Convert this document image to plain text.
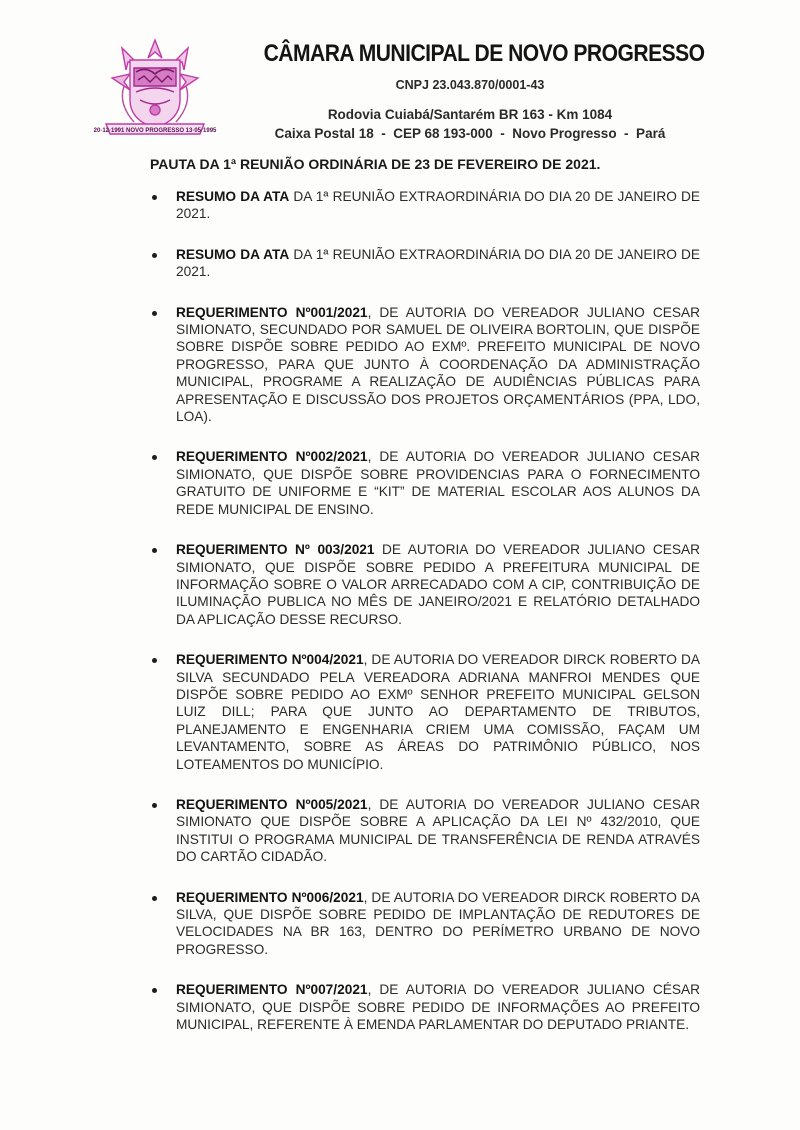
20·12·1991 NOVO PROGRESSO 13·05·1995
CÂMARA MUNICIPAL DE NOVO PROGRESSO
CNPJ 23.043.870/0001-43
Rodovia Cuiabá/Santarém BR 163 - Km 1084
Caixa Postal 18  -  CEP 68 193-000  -  Novo Progresso  -  Pará
PAUTA DA 1ª REUNIÃO ORDINÁRIA DE 23 DE FEVEREIRO DE 2021.
RESUMO DA ATA DA 1ª REUNIÃO EXTRAORDINÁRIA DO DIA 20 DE JANEIRO DE 2021.
RESUMO DA ATA DA 1ª REUNIÃO EXTRAORDINÁRIA DO DIA 20 DE JANEIRO DE 2021.
REQUERIMENTO Nº001/2021, DE AUTORIA DO VEREADOR JULIANO CESAR SIMIONATO, SECUNDADO POR SAMUEL DE OLIVEIRA BORTOLIN, QUE DISPÕE SOBRE DISPÕE SOBRE PEDIDO AO EXMº. PREFEITO MUNICIPAL DE NOVO PROGRESSO, PARA QUE JUNTO À COORDENAÇÃO DA ADMINISTRAÇÃO MUNICIPAL, PROGRAME A REALIZAÇÃO DE AUDIÊNCIAS PÚBLICAS PARA APRESENTAÇÃO E DISCUSSÃO DOS PROJETOS ORÇAMENTÁRIOS (PPA, LDO, LOA).
REQUERIMENTO Nº002/2021, DE AUTORIA DO VEREADOR JULIANO CESAR SIMIONATO, QUE DISPÕE SOBRE PROVIDENCIAS PARA O FORNECIMENTO GRATUITO DE UNIFORME E “KIT” DE MATERIAL ESCOLAR AOS ALUNOS DA REDE MUNICIPAL DE ENSINO.
REQUERIMENTO Nº 003/2021 DE AUTORIA DO VEREADOR JULIANO CESAR SIMIONATO, QUE DISPÕE SOBRE PEDIDO A PREFEITURA MUNICIPAL DE INFORMAÇÃO SOBRE O VALOR ARRECADADO COM A CIP, CONTRIBUIÇÃO DE ILUMINAÇÃO PUBLICA NO MÊS DE JANEIRO/2021 E RELATÓRIO DETALHADO DA APLICAÇÃO DESSE RECURSO.
REQUERIMENTO Nº004/2021, DE AUTORIA DO VEREADOR DIRCK ROBERTO DA SILVA SECUNDADO PELA VEREADORA ADRIANA MANFROI MENDES QUE DISPÕE SOBRE PEDIDO AO EXMº SENHOR PREFEITO MUNICIPAL GELSON LUIZ DILL; PARA QUE JUNTO AO DEPARTAMENTO DE TRIBUTOS, PLANEJAMENTO E ENGENHARIA CRIEM UMA COMISSÃO, FAÇAM UM LEVANTAMENTO, SOBRE AS ÁREAS DO PATRIMÔNIO PÚBLICO, NOS LOTEAMENTOS DO MUNICÍPIO.
REQUERIMENTO Nº005/2021, DE AUTORIA DO VEREADOR JULIANO CESAR SIMIONATO QUE DISPÕE SOBRE A APLICAÇÃO DA LEI Nº 432/2010, QUE INSTITUI O PROGRAMA MUNICIPAL DE TRANSFERÊNCIA DE RENDA ATRAVÉS DO CARTÃO CIDADÃO.
REQUERIMENTO Nº006/2021, DE AUTORIA DO VEREADOR DIRCK ROBERTO DA SILVA, QUE DISPÕE SOBRE PEDIDO DE IMPLANTAÇÃO DE REDUTORES DE VELOCIDADES NA BR 163, DENTRO DO PERÍMETRO URBANO DE NOVO PROGRESSO.
REQUERIMENTO Nº007/2021, DE AUTORIA DO VEREADOR JULIANO CÉSAR SIMIONATO, QUE DISPÕE SOBRE PEDIDO DE INFORMAÇÕES AO PREFEITO MUNICIPAL, REFERENTE À EMENDA PARLAMENTAR DO DEPUTADO PRIANTE.
